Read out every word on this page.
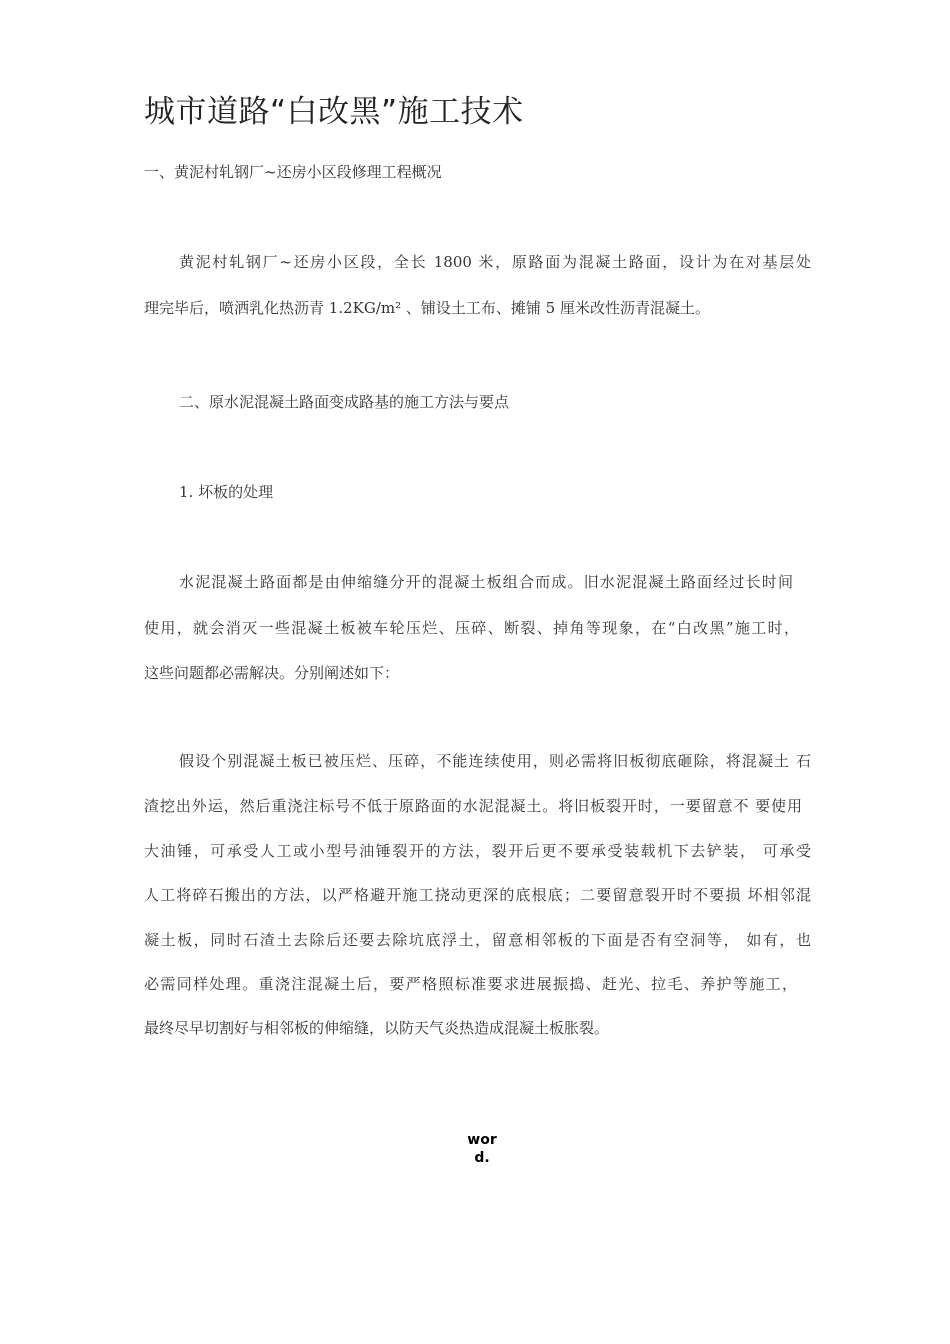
城市道路“白改黑”施工技术

一、黄泥村轧钢厂~还房小区段修理工程概况

黄泥村轧钢厂~还房小区段，全长 1800 米，原路面为混凝土路面，设计为在对基层处

理完毕后，喷洒乳化热沥青 1.2KG/m² 、铺设土工布、摊铺 5 厘米改性沥青混凝土。

二、原水泥混凝土路面变成路基的施工方法与要点

1. 坏板的处理

水泥混凝土路面都是由伸缩缝分开的混凝土板组合而成。旧水泥混凝土路面经过长时间

使用，就会消灭一些混凝土板被车轮压烂、压碎、断裂、掉角等现象，在“白改黑”施工时，

这些问题都必需解决。分别阐述如下：

假设个别混凝土板已被压烂、压碎，不能连续使用，则必需将旧板彻底砸除，将混凝土 石

渣挖出外运，然后重浇注标号不低于原路面的水泥混凝土。将旧板裂开时，一要留意不 要使用

大油锤，可承受人工或小型号油锤裂开的方法，裂开后更不要承受装载机下去铲装， 可承受

人工将碎石搬出的方法，以严格避开施工挠动更深的底根底；二要留意裂开时不要损 坏相邻混

凝土板，同时石渣土去除后还要去除坑底浮土，留意相邻板的下面是否有空洞等， 如有，也

必需同样处理。重浇注混凝土后，要严格照标准要求进展振捣、赶光、拉毛、养护等施工，

最终尽早切割好与相邻板的伸缩缝，以防天气炎热造成混凝土板胀裂。

wor
d.
